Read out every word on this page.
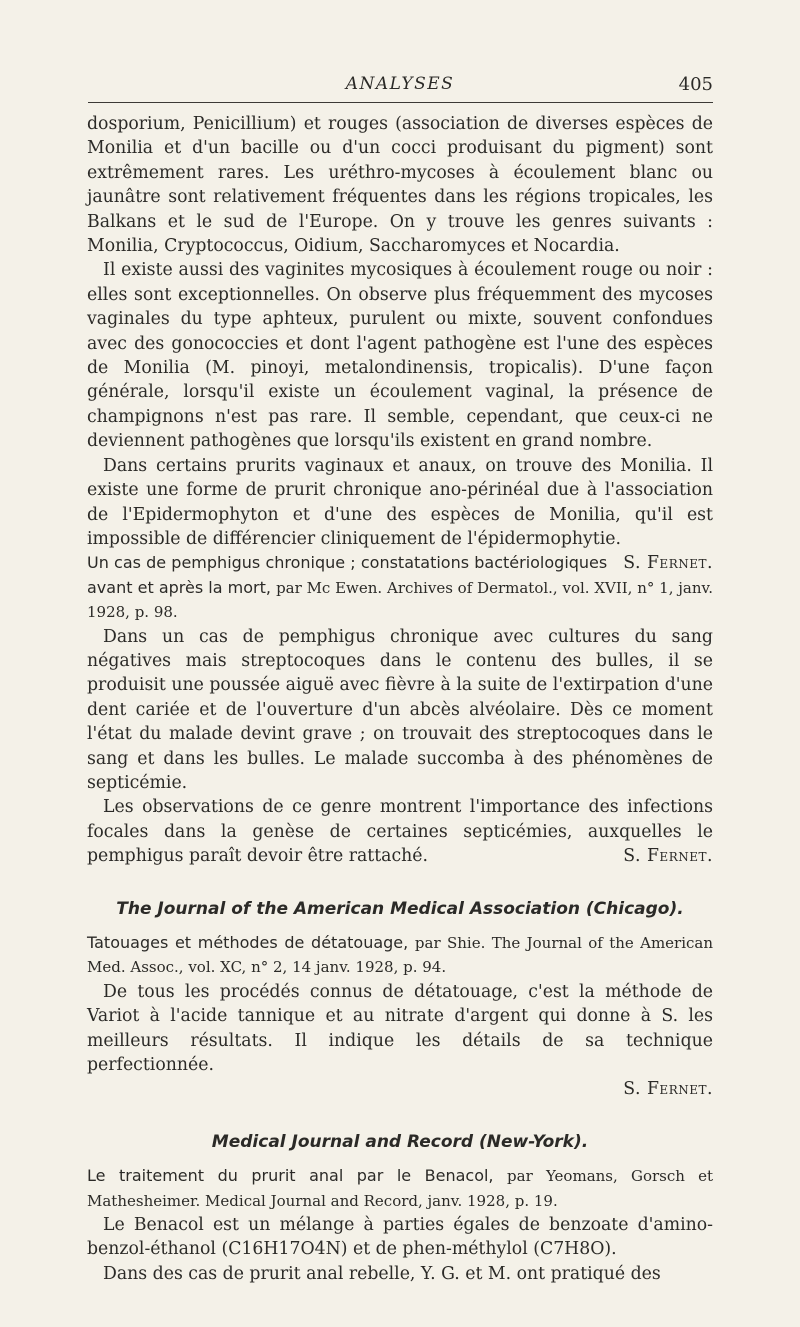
ANALYSES	405

dosporium, Penicillium) et rouges (association de diverses espèces de Monilia et d'un bacille ou d'un cocci produisant du pigment) sont extrêmement rares. Les uréthro-mycoses à écoulement blanc ou jaunâtre sont relativement fréquentes dans les régions tropicales, les Balkans et le sud de l'Europe. On y trouve les genres suivants : Monilia, Cryptococcus, Oidium, Saccharomyces et Nocardia.

Il existe aussi des vaginites mycosiques à écoulement rouge ou noir : elles sont exceptionnelles. On observe plus fréquemment des mycoses vaginales du type aphteux, purulent ou mixte, souvent confondues avec des gonococcies et dont l'agent pathogène est l'une des espèces de Monilia (M. pinoyi, metalondinensis, tropicalis). D'une façon générale, lorsqu'il existe un écoulement vaginal, la présence de champignons n'est pas rare. Il semble, cependant, que ceux-ci ne deviennent pathogènes que lorsqu'ils existent en grand nombre.

Dans certains prurits vaginaux et anaux, on trouve des Monilia. Il existe une forme de prurit chronique ano-périnéal due à l'association de l'Epidermophyton et d'une des espèces de Monilia, qu'il est impossible de différencier cliniquement de l'épidermophytie.
S. Fernet.

Un cas de pemphigus chronique ; constatations bactériologiques avant et après la mort, par Mc Ewen. Archives of Dermatol., vol. XVII, n° 1, janv. 1928, p. 98.

Dans un cas de pemphigus chronique avec cultures du sang négatives mais streptocoques dans le contenu des bulles, il se produisit une poussée aiguë avec fièvre à la suite de l'extirpation d'une dent cariée et de l'ouverture d'un abcès alvéolaire. Dès ce moment l'état du malade devint grave ; on trouvait des streptocoques dans le sang et dans les bulles. Le malade succomba à des phénomènes de septicémie.

Les observations de ce genre montrent l'importance des infections focales dans la genèse de certaines septicémies, auxquelles le pemphigus paraît devoir être rattaché.	S. Fernet.

The Journal of the American Medical Association (Chicago).

Tatouages et méthodes de détatouage, par Shie. The Journal of the American Med. Assoc., vol. XC, n° 2, 14 janv. 1928, p. 94.

De tous les procédés connus de détatouage, c'est la méthode de Variot à l'acide tannique et au nitrate d'argent qui donne à S. les meilleurs résultats. Il indique les détails de sa technique perfectionnée.

S. Fernet.
Medical Journal and Record (New-York).

Le traitement du prurit anal par le Benacol, par Yeomans, Gorsch et Mathesheimer. Medical Journal and Record, janv. 1928, p. 19.

Le Benacol est un mélange à parties égales de benzoate d'amino-benzol-éthanol (C16H17O4N) et de phen-méthylol (C7H8O).

Dans des cas de prurit anal rebelle, Y. G. et M. ont pratiqué des
